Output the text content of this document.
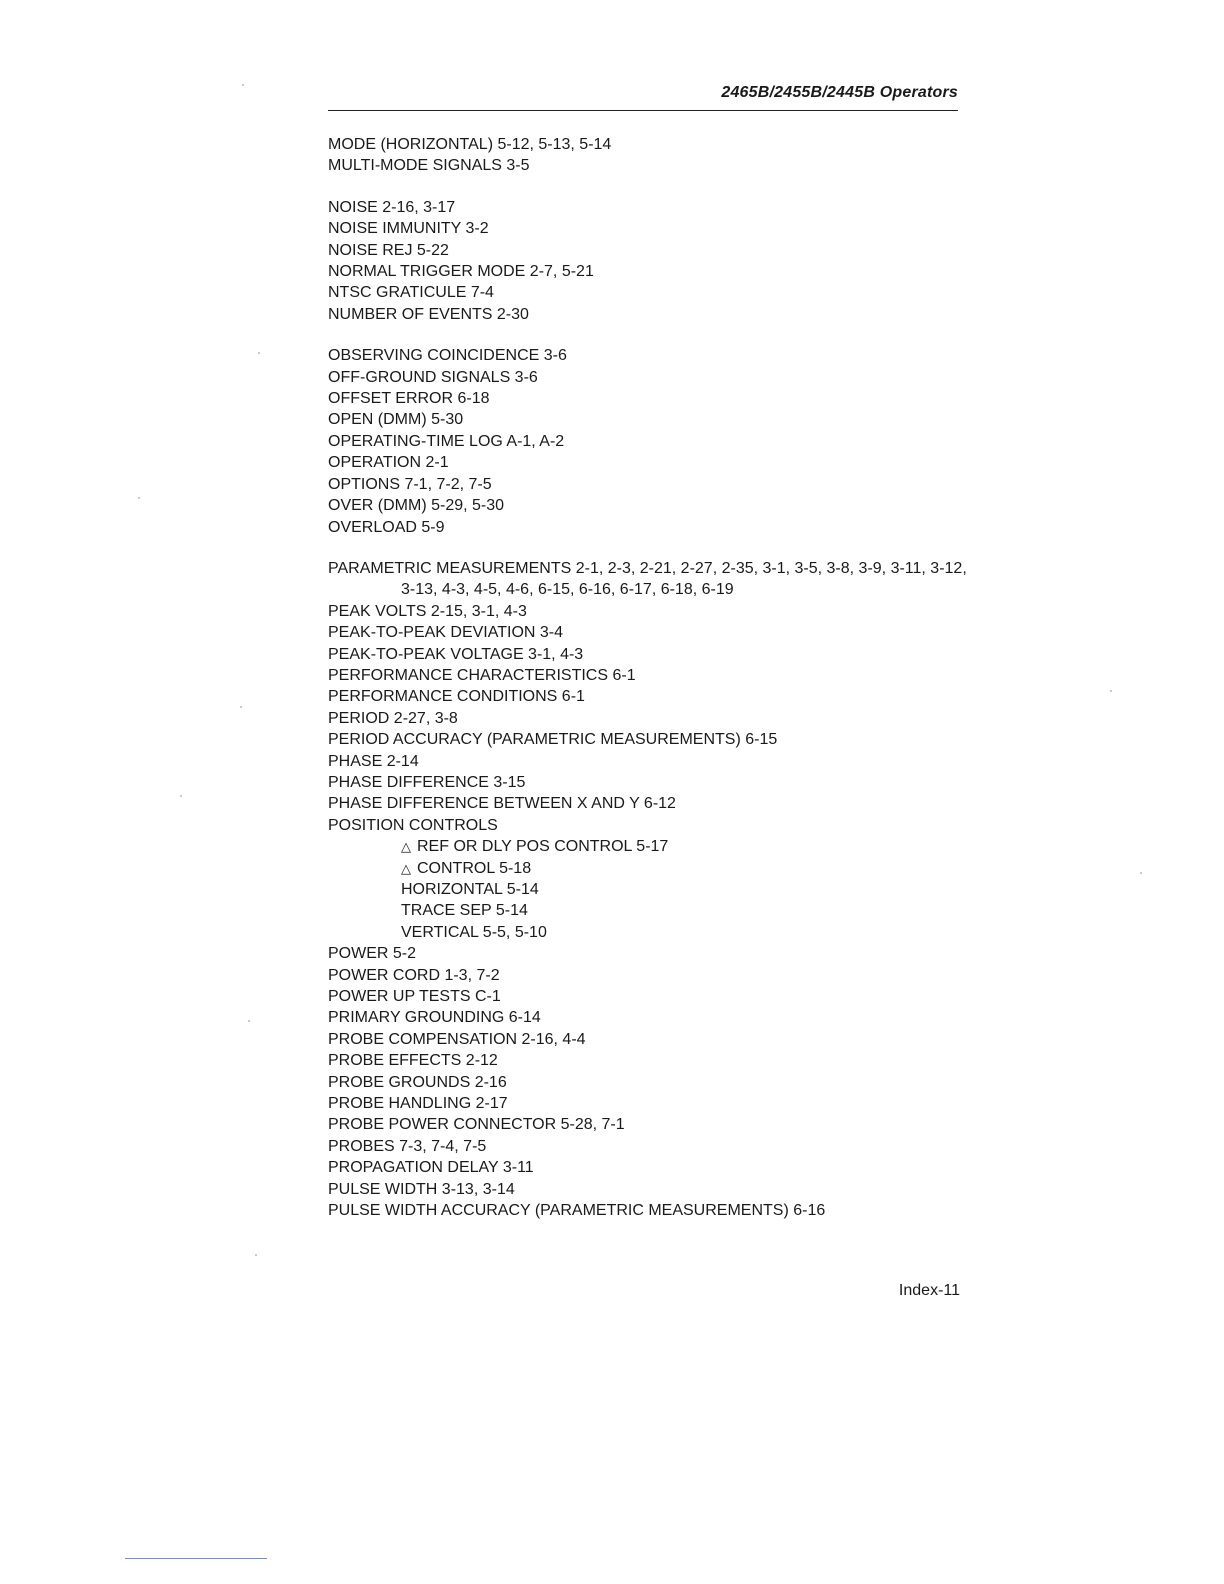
2465B/2455B/2445B Operators
MODE (HORIZONTAL) 5-12, 5-13, 5-14
MULTI-MODE SIGNALS 3-5
NOISE 2-16, 3-17
NOISE IMMUNITY 3-2
NOISE REJ 5-22
NORMAL TRIGGER MODE 2-7, 5-21
NTSC GRATICULE 7-4
NUMBER OF EVENTS 2-30
OBSERVING COINCIDENCE 3-6
OFF-GROUND SIGNALS 3-6
OFFSET ERROR 6-18
OPEN (DMM) 5-30
OPERATING-TIME LOG A-1, A-2
OPERATION 2-1
OPTIONS 7-1, 7-2, 7-5
OVER (DMM) 5-29, 5-30
OVERLOAD 5-9
PARAMETRIC MEASUREMENTS 2-1, 2-3, 2-21, 2-27, 2-35, 3-1, 3-5, 3-8, 3-9, 3-11, 3-12, 3-13, 4-3, 4-5, 4-6, 6-15, 6-16, 6-17, 6-18, 6-19
PEAK VOLTS 2-15, 3-1, 4-3
PEAK-TO-PEAK DEVIATION 3-4
PEAK-TO-PEAK VOLTAGE 3-1, 4-3
PERFORMANCE CHARACTERISTICS 6-1
PERFORMANCE CONDITIONS 6-1
PERIOD 2-27, 3-8
PERIOD ACCURACY (PARAMETRIC MEASUREMENTS) 6-15
PHASE 2-14
PHASE DIFFERENCE 3-15
PHASE DIFFERENCE BETWEEN X AND Y 6-12
POSITION CONTROLS
△ REF OR DLY POS CONTROL 5-17
△ CONTROL 5-18
HORIZONTAL 5-14
TRACE SEP 5-14
VERTICAL 5-5, 5-10
POWER 5-2
POWER CORD 1-3, 7-2
POWER UP TESTS C-1
PRIMARY GROUNDING 6-14
PROBE COMPENSATION 2-16, 4-4
PROBE EFFECTS 2-12
PROBE GROUNDS 2-16
PROBE HANDLING 2-17
PROBE POWER CONNECTOR 5-28, 7-1
PROBES 7-3, 7-4, 7-5
PROPAGATION DELAY 3-11
PULSE WIDTH 3-13, 3-14
PULSE WIDTH ACCURACY (PARAMETRIC MEASUREMENTS) 6-16
Index-11
